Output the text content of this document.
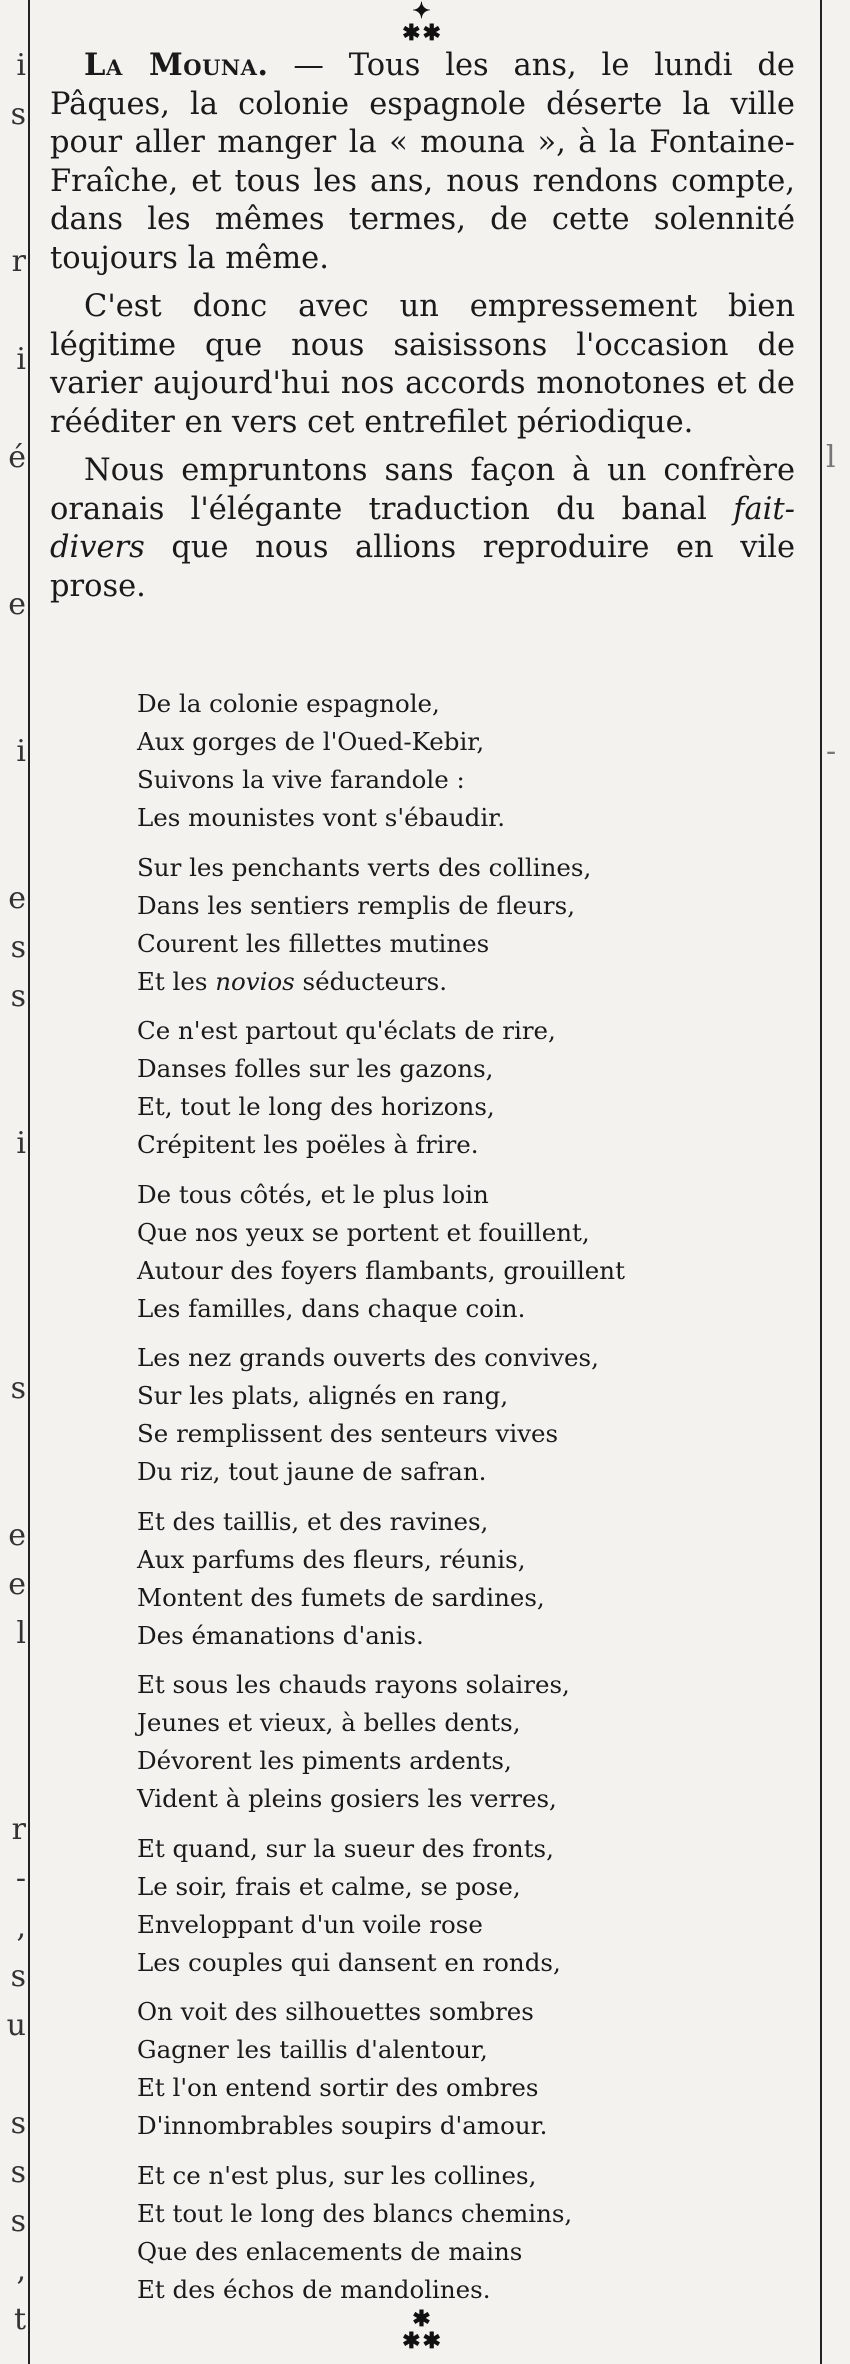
i
s
r
i
é
e
i
e
s
s
i
s
e
e
l
r
-
,
s
u
s
s
s
,
t
l
-
✦
✱✱

La Mouna. — Tous les ans, le lundi de Pâques, la colonie espagnole déserte la ville pour aller manger la « mouna », à la Fontaine-Fraîche, et tous les ans, nous rendons compte, dans les mêmes termes, de cette solennité toujours la même.

C'est donc avec un empressement bien légitime que nous saisissons l'occasion de varier aujourd'hui nos accords monotones et de rééditer en vers cet entrefilet périodique.

Nous empruntons sans façon à un confrère oranais l'élégante traduction du banal fait-divers que nous allions reproduire en vile prose.

De la colonie espagnole,
Aux gorges de l'Oued-Kebir,
Suivons la vive farandole :
Les mounistes vont s'ébaudir.
Sur les penchants verts des collines,
Dans les sentiers remplis de fleurs,
Courent les fillettes mutines
Et les novios séducteurs.
Ce n'est partout qu'éclats de rire,
Danses folles sur les gazons,
Et, tout le long des horizons,
Crépitent les poëles à frire.
De tous côtés, et le plus loin
Que nos yeux se portent et fouillent,
Autour des foyers flambants, grouillent
Les familles, dans chaque coin.
Les nez grands ouverts des convives,
Sur les plats, alignés en rang,
Se remplissent des senteurs vives
Du riz, tout jaune de safran.
Et des taillis, et des ravines,
Aux parfums des fleurs, réunis,
Montent des fumets de sardines,
Des émanations d'anis.
Et sous les chauds rayons solaires,
Jeunes et vieux, à belles dents,
Dévorent les piments ardents,
Vident à pleins gosiers les verres,
Et quand, sur la sueur des fronts,
Le soir, frais et calme, se pose,
Enveloppant d'un voile rose
Les couples qui dansent en ronds,
On voit des silhouettes sombres
Gagner les taillis d'alentour,
Et l'on entend sortir des ombres
D'innombrables soupirs d'amour.
Et ce n'est plus, sur les collines,
Et tout le long des blancs chemins,
Que des enlacements de mains
Et des échos de mandolines.
✱
✱✱
